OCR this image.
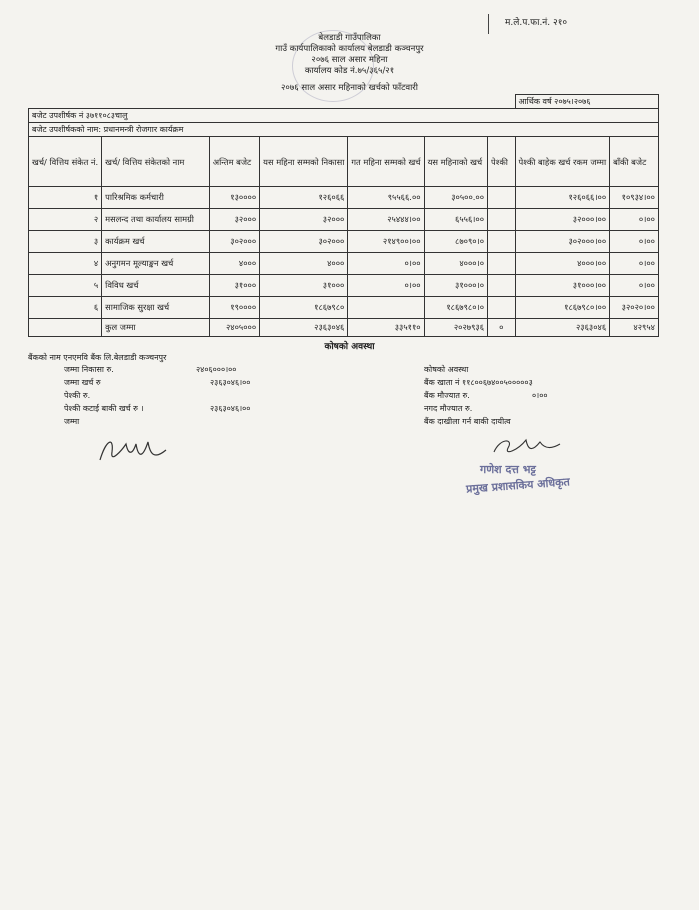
म.ले.प.फा.नं. २१०
बेलडाडी गाउँपालिका
गाउँ कार्यपालिकाको कार्यालय बेलडाडी कञ्चनपुर
२०७६ साल असार महिना
कार्यालय कोड नं.७५/३६५/२१
२०७६ साल असार महिनाको खर्चको फाँटवारी
							आर्थिक वर्ष २०७५।२०७६	
बजेट उपशीर्षक नं ३७११०८३चालु								
बजेट उपशीर्षकको नाम: प्रधानमन्त्री रोजगार कार्यक्रम								
खर्च/ वित्तिय संकेत नं.	खर्च/ वित्तिय संकेतको नाम	अन्तिम बजेट	यस महिना सम्मको निकासा	गत महिना सम्मको खर्च	यस महिनाको खर्च	पेश्की	पेश्की बाहेक खर्च रकम जम्मा	बाँकी बजेट
१	पारिश्रमिक कर्मचारी	१३००००	१२६०६६	९५५६६.००	३०५००.००		१२६०६६।००	१०९३४।००
२	मसलन्द तथा कार्यालय सामग्री	३२०००	३२०००	२५४४४।००	६५५६।००		३२०००।००	०।००
३	कार्यक्रम खर्च	३०२०००	३०२०००	२१४९००।००	८७०९०।०		३०२०००।००	०।००
४	अनुगमन मूल्याङ्कन खर्च	४०००	४०००	०।००	४०००।०		४०००।००	०।००
५	विविध खर्च	३१०००	३१०००	०।००	३१०००।०		३१०००।००	०।००
६	सामाजिक सुरक्षा खर्च	१९००००	१८६७९८०		१८६७९८०।०		१८६७९८०।००	३२०२०।००
	कुल जम्मा	२४०५०००	२३६३०४६	३३५११०	२०२७९३६	०	२३६३०४६	४२९५४
कोषको अवस्था
बैंकको नाम एनएमवि बैंक लि.बेलडाडी कञ्चनपुर
जम्मा निकासा रु.	२४०६०००।००
जम्मा खर्च रु	२३६३०४६।००
पेश्की रु.
पेश्की कटाई बाकी खर्च रु ।	२३६३०४६।००
जम्मा
कोषको अवस्था
बैंक खाता नं ११८००६७४००५०००००३
बैंक मौज्यात रु.	०।००
नगद मौज्यात रु.
बैंक दाखीला गर्न बाकी दायीत्व
गणेश दत्त भट्ट
प्रमुख प्रशासकिय अधिकृत
